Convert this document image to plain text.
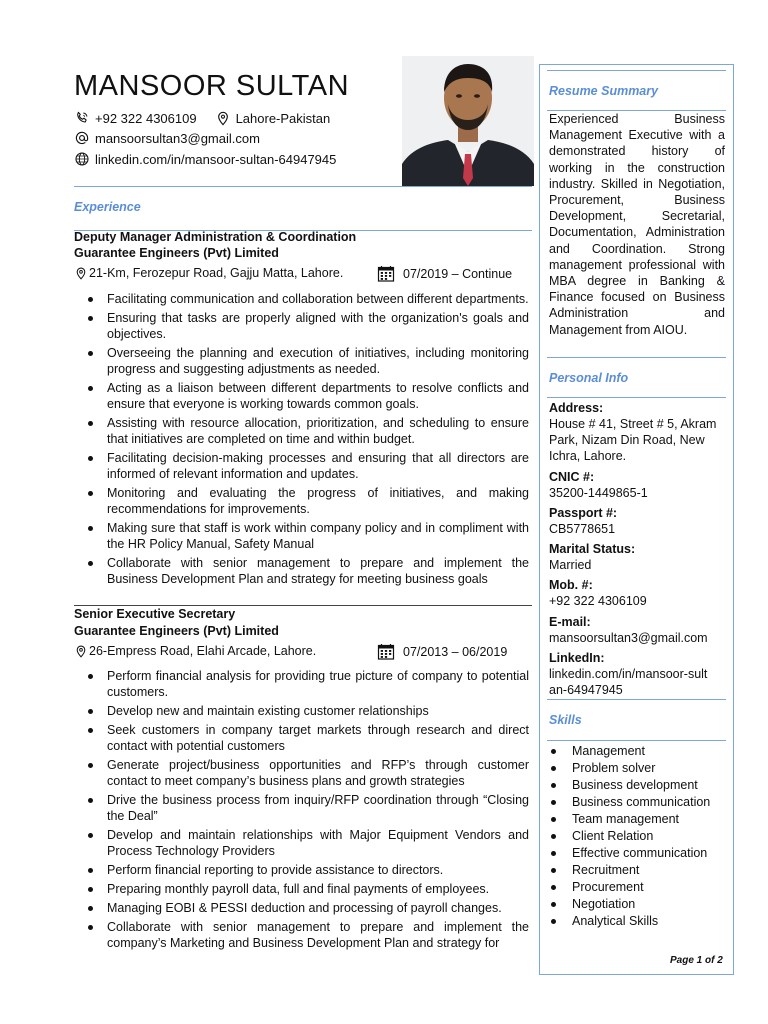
MANSOOR SULTAN
+92 322 4306109	Lahore-Pakistan
mansoorsultan3@gmail.com
linkedin.com/in/mansoor-sultan-64947945
Experience
Deputy Manager Administration & Coordination
Guarantee Engineers (Pvt) Limited
21-Km, Ferozepur Road, Gajju Matta, Lahore.	07/2019 – Continue
Facilitating communication and collaboration between different departments.
Ensuring that tasks are properly aligned with the organization's goals and objectives.
Overseeing the planning and execution of initiatives, including monitoring progress and suggesting adjustments as needed.
Acting as a liaison between different departments to resolve conflicts and ensure that everyone is working towards common goals.
Assisting with resource allocation, prioritization, and scheduling to ensure that initiatives are completed on time and within budget.
Facilitating decision-making processes and ensuring that all directors are informed of relevant information and updates.
Monitoring and evaluating the progress of initiatives, and making recommendations for improvements.
Making sure that staff is work within company policy and in compliment with the HR Policy Manual, Safety Manual
Collaborate with senior management to prepare and implement the Business Development Plan and strategy for meeting business goals
Senior Executive Secretary
Guarantee Engineers (Pvt) Limited
26-Empress Road, Elahi Arcade, Lahore.	07/2013 – 06/2019
Perform financial analysis for providing true picture of company to potential customers.
Develop new and maintain existing customer relationships
Seek customers in company target markets through research and direct contact with potential customers
Generate project/business opportunities and RFP’s through customer contact to meet company’s business plans and growth strategies
Drive the business process from inquiry/RFP coordination through “Closing the Deal”
Develop and maintain relationships with Major Equipment Vendors and Process Technology Providers
Perform financial reporting to provide assistance to directors.
Preparing monthly payroll data, full and final payments of employees.
Managing EOBI & PESSI deduction and processing of payroll changes.
Collaborate with senior management to prepare and implement the company’s Marketing and Business Development Plan and strategy for
Resume Summary
Experienced Business Management Executive with a demonstrated history of working in the construction industry. Skilled in Negotiation, Procurement, Business Development, Secretarial, Documentation, Administration and Coordination. Strong management professional with MBA degree in Banking & Finance focused on Business Administration and Management from AIOU.
Personal Info
Address:
House # 41, Street # 5, Akram Park, Nizam Din Road, New Ichra, Lahore.
CNIC #:
35200-1449865-1
Passport #:
CB5778651
Marital Status:
Married
Mob. #:
+92 322 4306109
E-mail:
mansoorsultan3@gmail.com
LinkedIn:
linkedin.com/in/mansoor-sultan-64947945
Skills
Management
Problem solver
Business development
Business communication
Team management
Client Relation
Effective communication
Recruitment
Procurement
Negotiation
Analytical Skills
Page 1 of 2
